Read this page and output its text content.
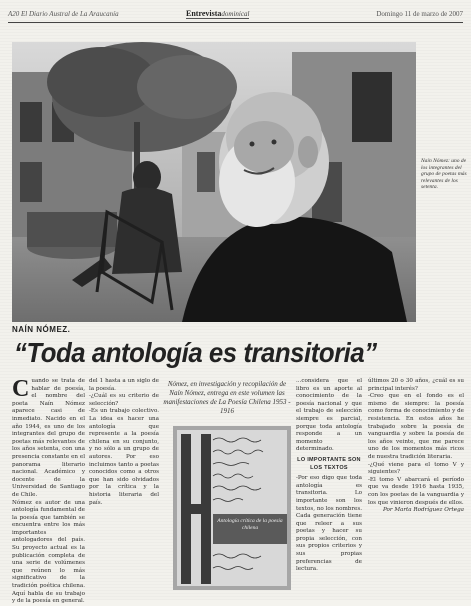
A20 El Diario Austral de La Araucanía	Entrevistadominical	Domingo 11 de marzo de 2007
Naín Nómez: uno de los integrantes del grupo de poetas más relevantes de los setenta.
NAÍN NÓMEZ.
“Toda antología es transitoria”
C uando se trata de hablar de poesía, el nombre del poeta Naín Nómez aparece casi de inmediato. Nacido en el año 1944, es uno de los integrantes del grupo de poetas más relevantes de los años setenta, con una presencia constante en el panorama literario nacional. Académico y docente de la Universidad de Santiago de Chile.

Nómez es autor de una antología fundamental de la poesía que también se encuentra entre los más importantes antologadores del país. Su proyecto actual es la publicación completa de una serie de volúmenes que reúnen lo más significativo de la tradición poética chilena. Aquí habla de su trabajo y de la poesía en general.

del 1 hasta a un siglo de la poesía.

-¿Cuál es su criterio de selección?

-Es un trabajo colectivo. La idea es hacer una antología que represente a la poesía chilena en su conjunto, y no sólo a un grupo de autores. Por eso incluimos tanto a poetas conocidos como a otros que han sido olvidados por la crítica y la historia literaria del país.

Nómez, en investigación y recopilación de Naín Nómez, entrega en este volumen las manifestaciones de La Poesía Chilena 1953 - 1916
Antología crítica de la poesía chilena

...considera que el libro es un aporte al conocimiento de la poesía nacional y que el trabajo de selección siempre es parcial, porque toda antología responde a un momento determinado.

LO IMPORTANTE SON LOS TEXTOS

-Por eso digo que toda antología es transitoria. Lo importante son los textos, no los nombres. Cada generación tiene que releer a sus poetas y hacer su propia selección, con sus propios criterios y sus propias preferencias de lectura.

últimos 20 o 30 años, ¿cuál es su principal interés?

-Creo que en el fondo es el mismo de siempre: la poesía como forma de conocimiento y de resistencia. En estos años he trabajado sobre la poesía de vanguardia y sobre la poesía de los años veinte, que me parece uno de los momentos más ricos de nuestra tradición literaria.

-¿Qué viene para el tomo V y siguientes?

-El tomo V abarcará el período que va desde 1916 hasta 1935, con los poetas de la vanguardia y los que vinieron después de ellos.

Por Marta Rodríguez Ortega
